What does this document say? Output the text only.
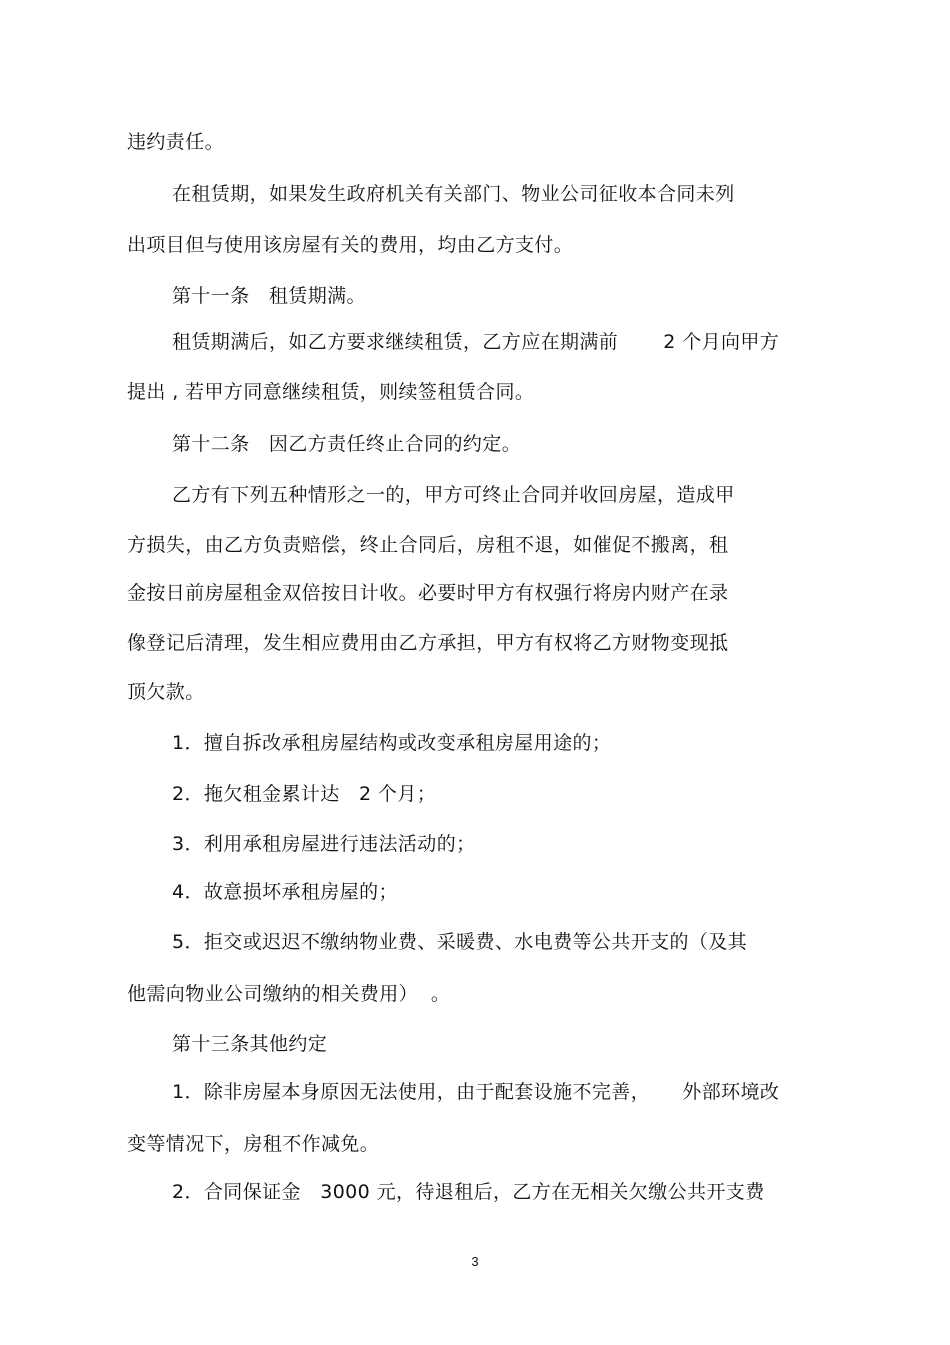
违约责任。
在租赁期，如果发生政府机关有关部门、物业公司征收本合同未列
出项目但与使用该房屋有关的费用，均由乙方支付。
第十一条   租赁期满。
租赁期满后，如乙方要求继续租赁，乙方应在期满前       2 个月向甲方
提出 , 若甲方同意继续租赁，则续签租赁合同。
第十二条   因乙方责任终止合同的约定。
乙方有下列五种情形之一的，甲方可终止合同并收回房屋，造成甲
方损失，由乙方负责赔偿，终止合同后，房租不退，如催促不搬离，租
金按日前房屋租金双倍按日计收。必要时甲方有权强行将房内财产在录
像登记后清理，发生相应费用由乙方承担，甲方有权将乙方财物变现抵
顶欠款。
1．擅自拆改承租房屋结构或改变承租房屋用途的；
2．拖欠租金累计达   2 个月；
3．利用承租房屋进行违法活动的；
4．故意损坏承租房屋的；
5．拒交或迟迟不缴纳物业费、采暖费、水电费等公共开支的（及其
他需向物业公司缴纳的相关费用）  。
第十三条其他约定
1．除非房屋本身原因无法使用，由于配套设施不完善，     外部环境改
变等情况下，房租不作减免。
2．合同保证金   3000 元，待退租后，乙方在无相关欠缴公共开支费
3
